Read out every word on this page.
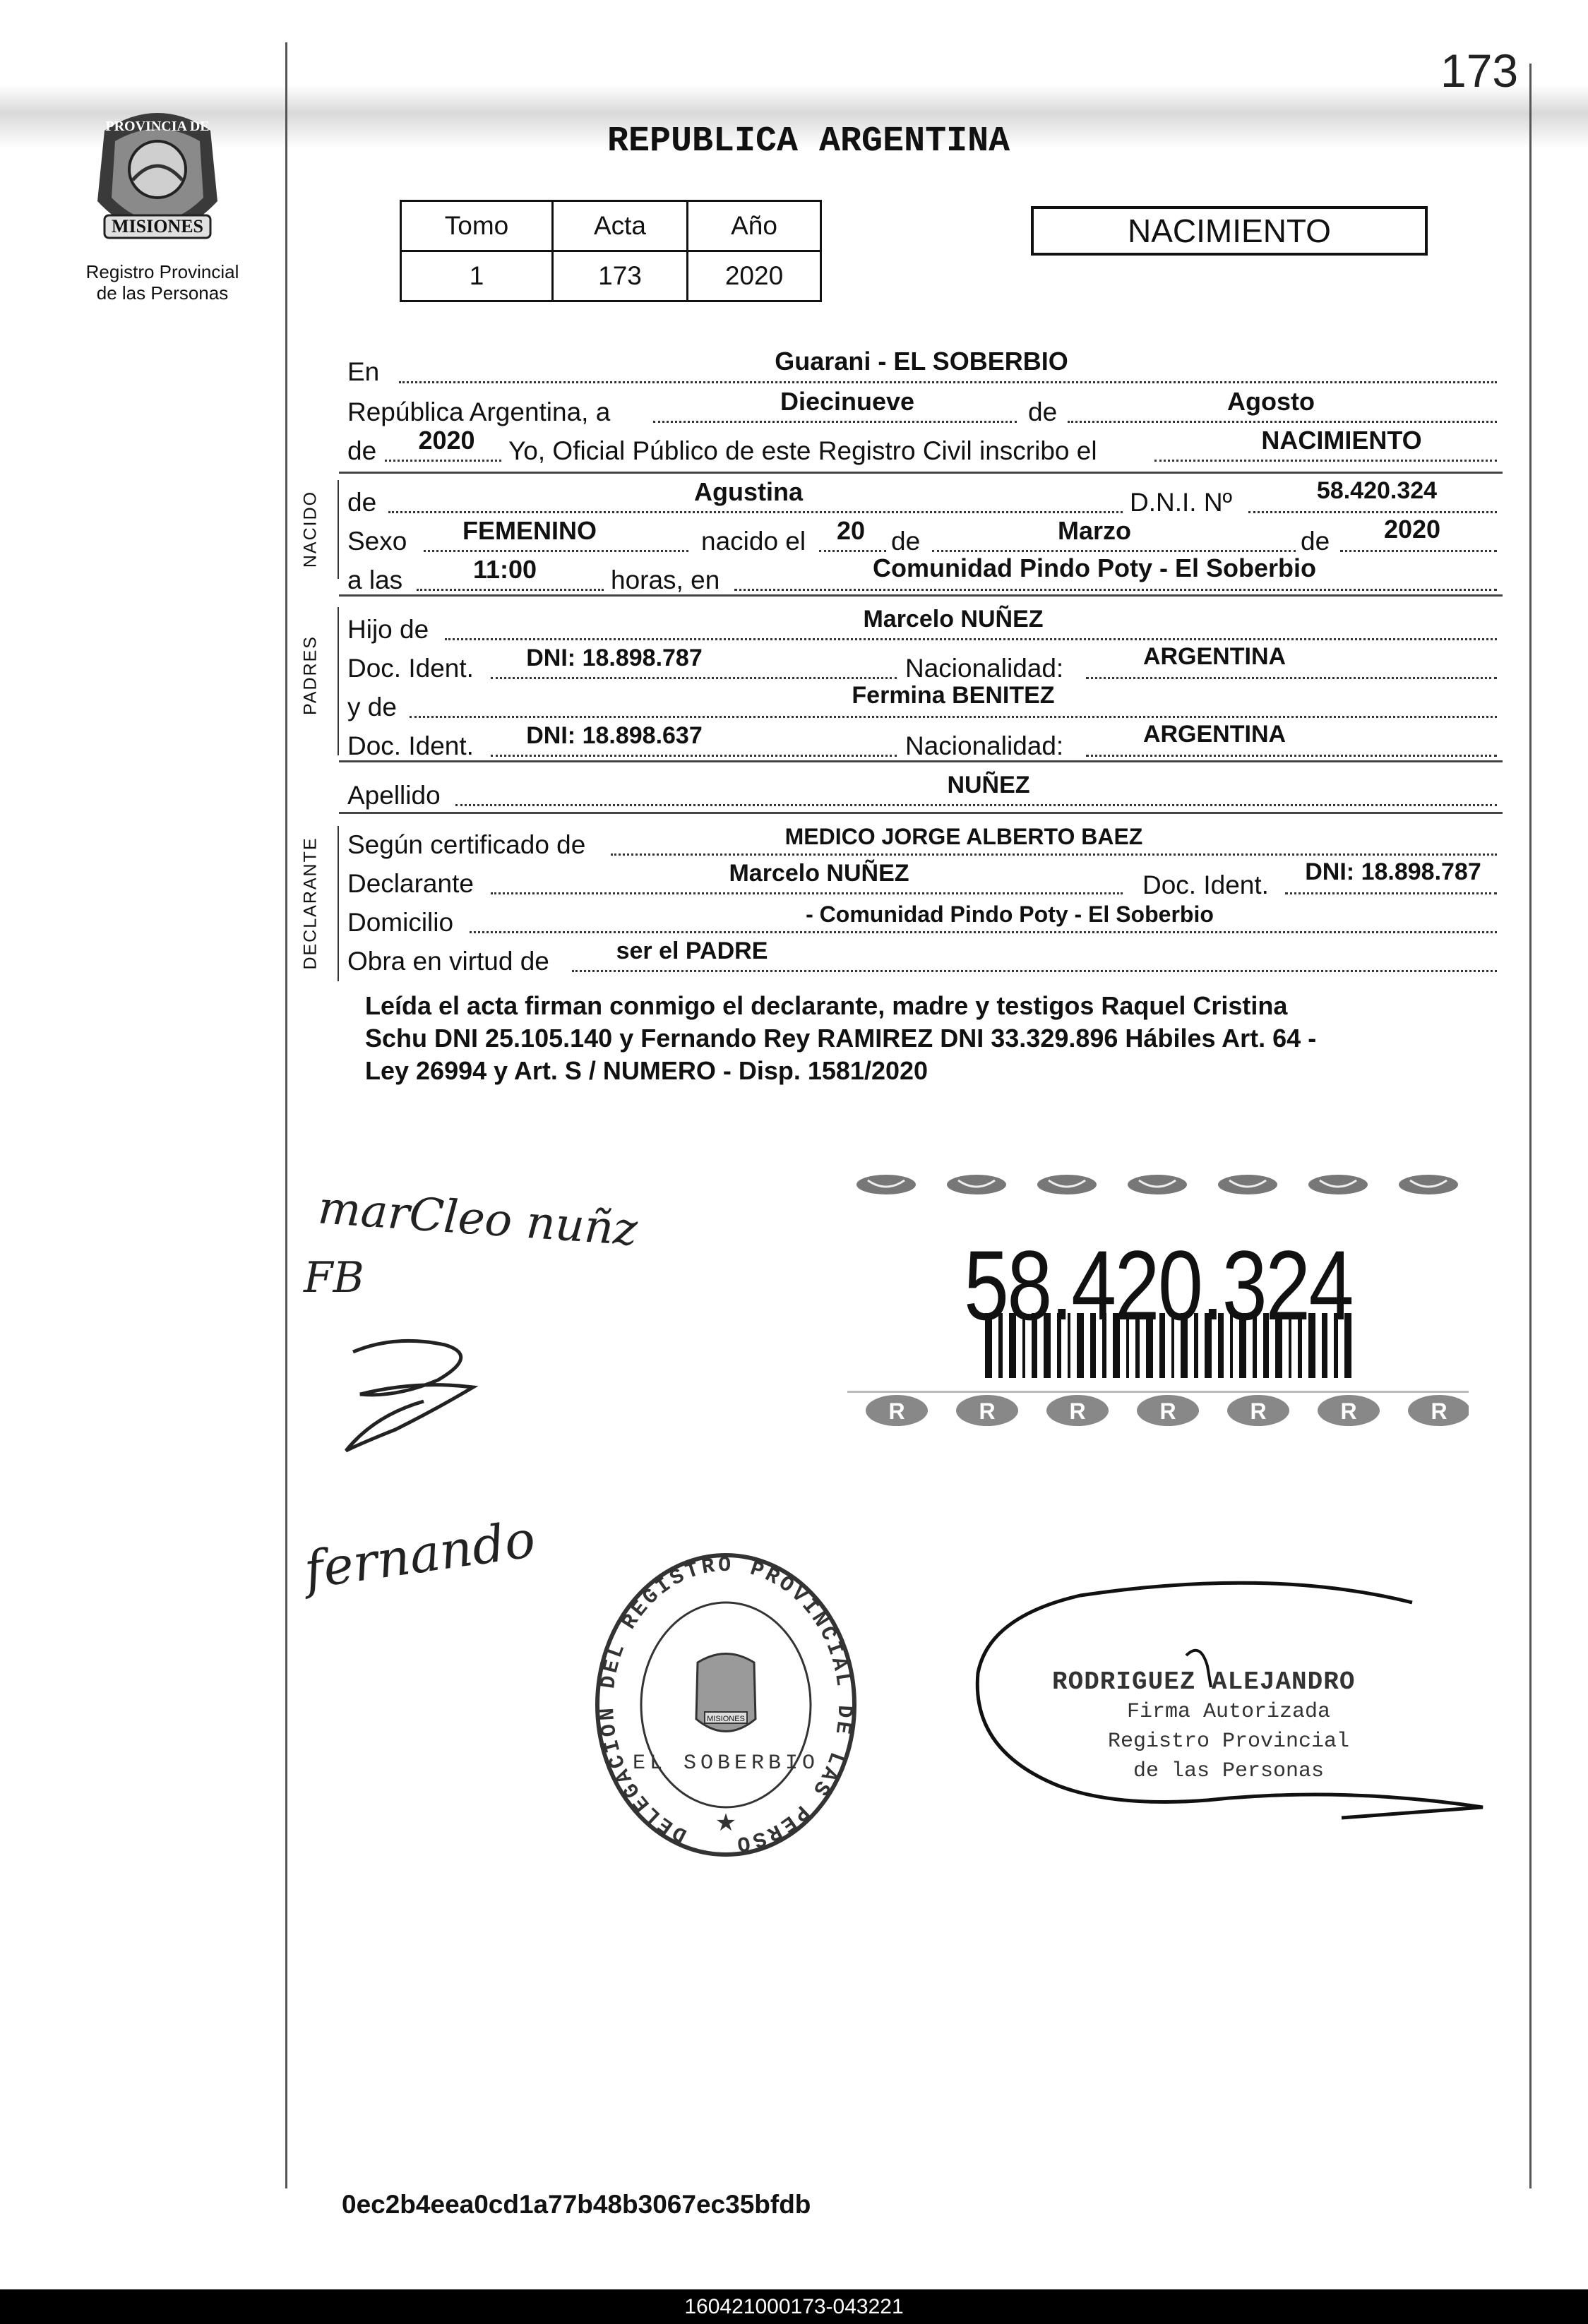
173
PROVINCIA DE
MISIONES
Registro Provincial
de las Personas
REPUBLICA ARGENTINA
Tomo	Acta	Año
1	173	2020
NACIMIENTO
En	Guarani - EL SOBERBIO
República Argentina, a	Diecinueve	de	Agosto
de	2020	Yo, Oficial Público de este Registro Civil inscribo el	NACIMIENTO
NACIDO de	Agustina	D.N.I. Nº	58.420.324
Sexo	FEMENINO	nacido el	20 de	Marzo	de	2020
a las	11:00	horas, en	Comunidad Pindo Poty - El Soberbio
PADRES
Hijo de	Marcelo NUÑEZ
Doc. Ident.	DNI: 18.898.787	Nacionalidad:	ARGENTINA
y de	Fermina BENITEZ
Doc. Ident.	DNI: 18.898.637	Nacionalidad:	ARGENTINA
Apellido	NUÑEZ
DECLARANTE Según certificado de	MEDICO JORGE ALBERTO BAEZ
Declarante	Marcelo NUÑEZ	Doc. Ident.	DNI: 18.898.787
Domicilio	- Comunidad Pindo Poty - El Soberbio
Obra en virtud de	ser el PADRE
Leída el acta firman conmigo el declarante, madre y testigos Raquel Cristina
Schu DNI 25.105.140 y Fernando Rey RAMIREZ DNI 33.329.896 Hábiles Art. 64 -
Ley 26994 y Art. S / NUMERO - Disp. 1581/2020
marCleo nuñz
FB
fernando
R	R	R	R	R	R	R
58.420.324
DELEGACION DEL REGISTRO PROVINCIAL DE LAS PERSO
MISIONES
EL SOBERBIO
★
RODRIGUEZ ALEJANDRO
Firma Autorizada
Registro Provincial
de las Personas
0ec2b4eea0cd1a77b48b3067ec35bfdb
160421000173-043221
